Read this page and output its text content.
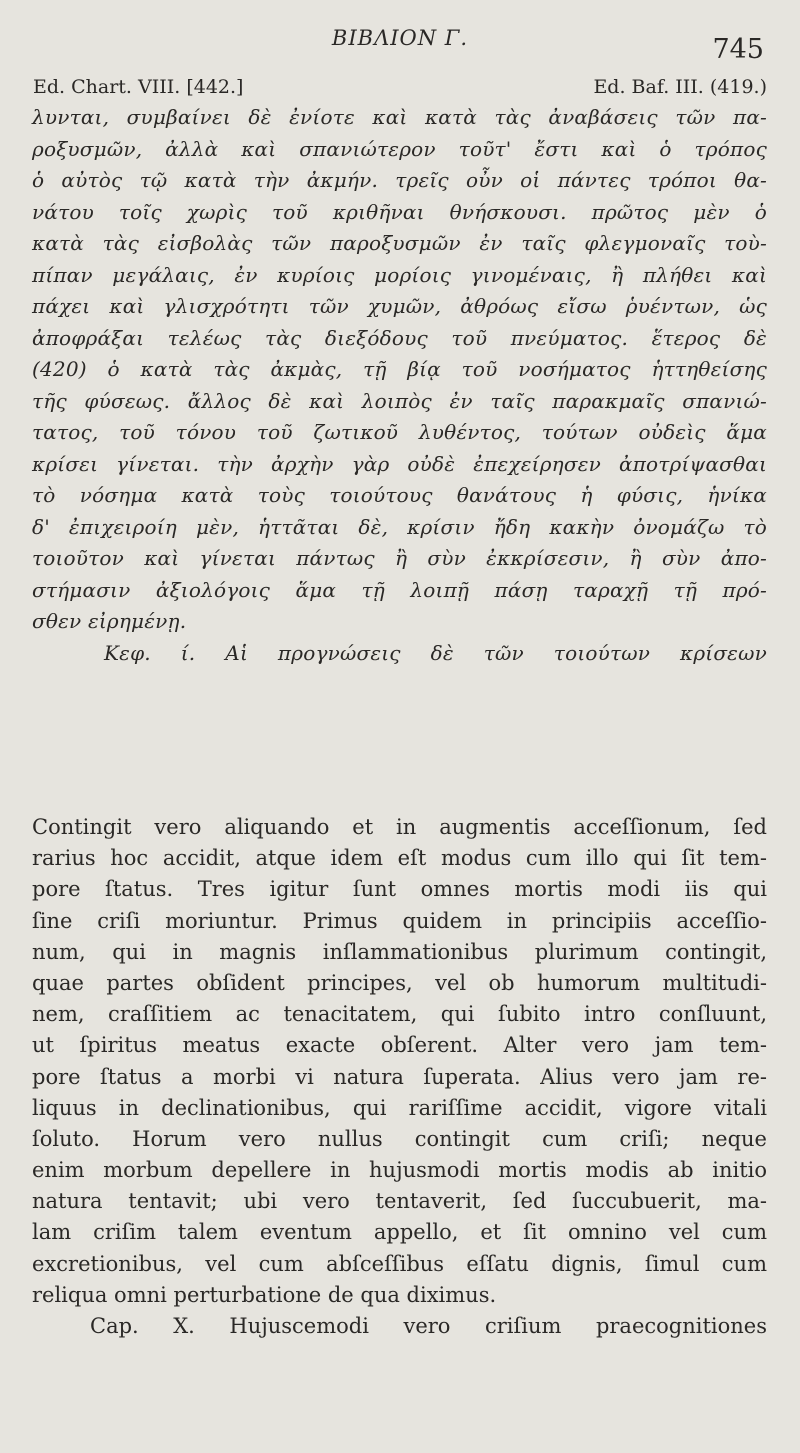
ΒΙΒΛΙΟΝ Γ.	745
Ed. Chart. VIII. [442.]	Ed. Baf. III. (419.)
λυνται, συμβαίνει δὲ ἐνίοτε καὶ κατὰ τὰς ἀναβάσεις τῶν πα-
ροξυσμῶν, ἀλλὰ καὶ σπανιώτερον τοῦτ' ἔστι καὶ ὁ τρόπος
ὁ αὐτὸς τῷ κατὰ τὴν ἀκμήν. τρεῖς οὖν οἱ πάντες τρόποι θα-
νάτου τοῖς χωρὶς τοῦ κριθῆναι θνήσκουσι. πρῶτος μὲν ὁ
κατὰ τὰς εἰσβολὰς τῶν παροξυσμῶν ἐν ταῖς φλεγμοναῖς τοὺ-
πίπαν μεγάλαις, ἐν κυρίοις μορίοις γινομέναις, ἢ πλήθει καὶ
πάχει καὶ γλισχρότητι τῶν χυμῶν, ἀθρόως εἴσω ῥυέντων, ὡς
ἀποφράξαι τελέως τὰς διεξόδους τοῦ πνεύματος. ἕτερος δὲ
(420) ὁ κατὰ τὰς ἀκμὰς, τῇ βίᾳ τοῦ νοσήματος ἡττηθείσης
τῆς φύσεως. ἄλλος δὲ καὶ λοιπὸς ἐν ταῖς παρακμαῖς σπανιώ-
τατος, τοῦ τόνου τοῦ ζωτικοῦ λυθέντος, τούτων οὐδεὶς ἅμα
κρίσει γίνεται. τὴν ἀρχὴν γὰρ οὐδὲ ἐπεχείρησεν ἀποτρίψασθαι
τὸ νόσημα κατὰ τοὺς τοιούτους θανάτους ἡ φύσις, ἡνίκα
δ' ἐπιχειροίη μὲν, ἡττᾶται δὲ, κρίσιν ἤδη κακὴν ὀνομάζω τὸ
τοιοῦτον καὶ γίνεται πάντως ἢ σὺν ἐκκρίσεσιν, ἢ σὺν ἀπο-
στήμασιν ἀξιολόγοις ἅμα τῇ λοιπῇ πάσῃ ταραχῇ τῇ πρό-
σθεν εἰρημένῃ.
Κεφ. ί. Αἱ προγνώσεις δὲ τῶν τοιούτων κρίσεων
Contingit vero aliquando et in augmentis acceſſionum, ſed
rarius hoc accidit, atque idem eſt modus cum illo qui ſit tem-
pore ſtatus. Tres igitur ſunt omnes mortis modi iis qui
ſine criſi moriuntur. Primus quidem in principiis acceſſio-
num, qui in magnis inſlammationibus plurimum contingit,
quae partes obſident principes, vel ob humorum multitudi-
nem, craſſitiem ac tenacitatem, qui ſubito intro conſluunt,
ut ſpiritus meatus exacte obſerent. Alter vero jam tem-
pore ſtatus a morbi vi natura ſuperata. Alius vero jam re-
liquus in declinationibus, qui rariſſime accidit, vigore vitali
ſoluto. Horum vero nullus contingit cum criſi; neque
enim morbum depellere in hujusmodi mortis modis ab initio
natura tentavit; ubi vero tentaverit, ſed ſuccubuerit, ma-
lam criſim talem eventum appello, et ſit omnino vel cum
excretionibus, vel cum abſceſſibus eſſatu dignis, ſimul cum
reliqua omni perturbatione de qua diximus.
Cap. X. Hujuscemodi vero criſium praecognitiones
